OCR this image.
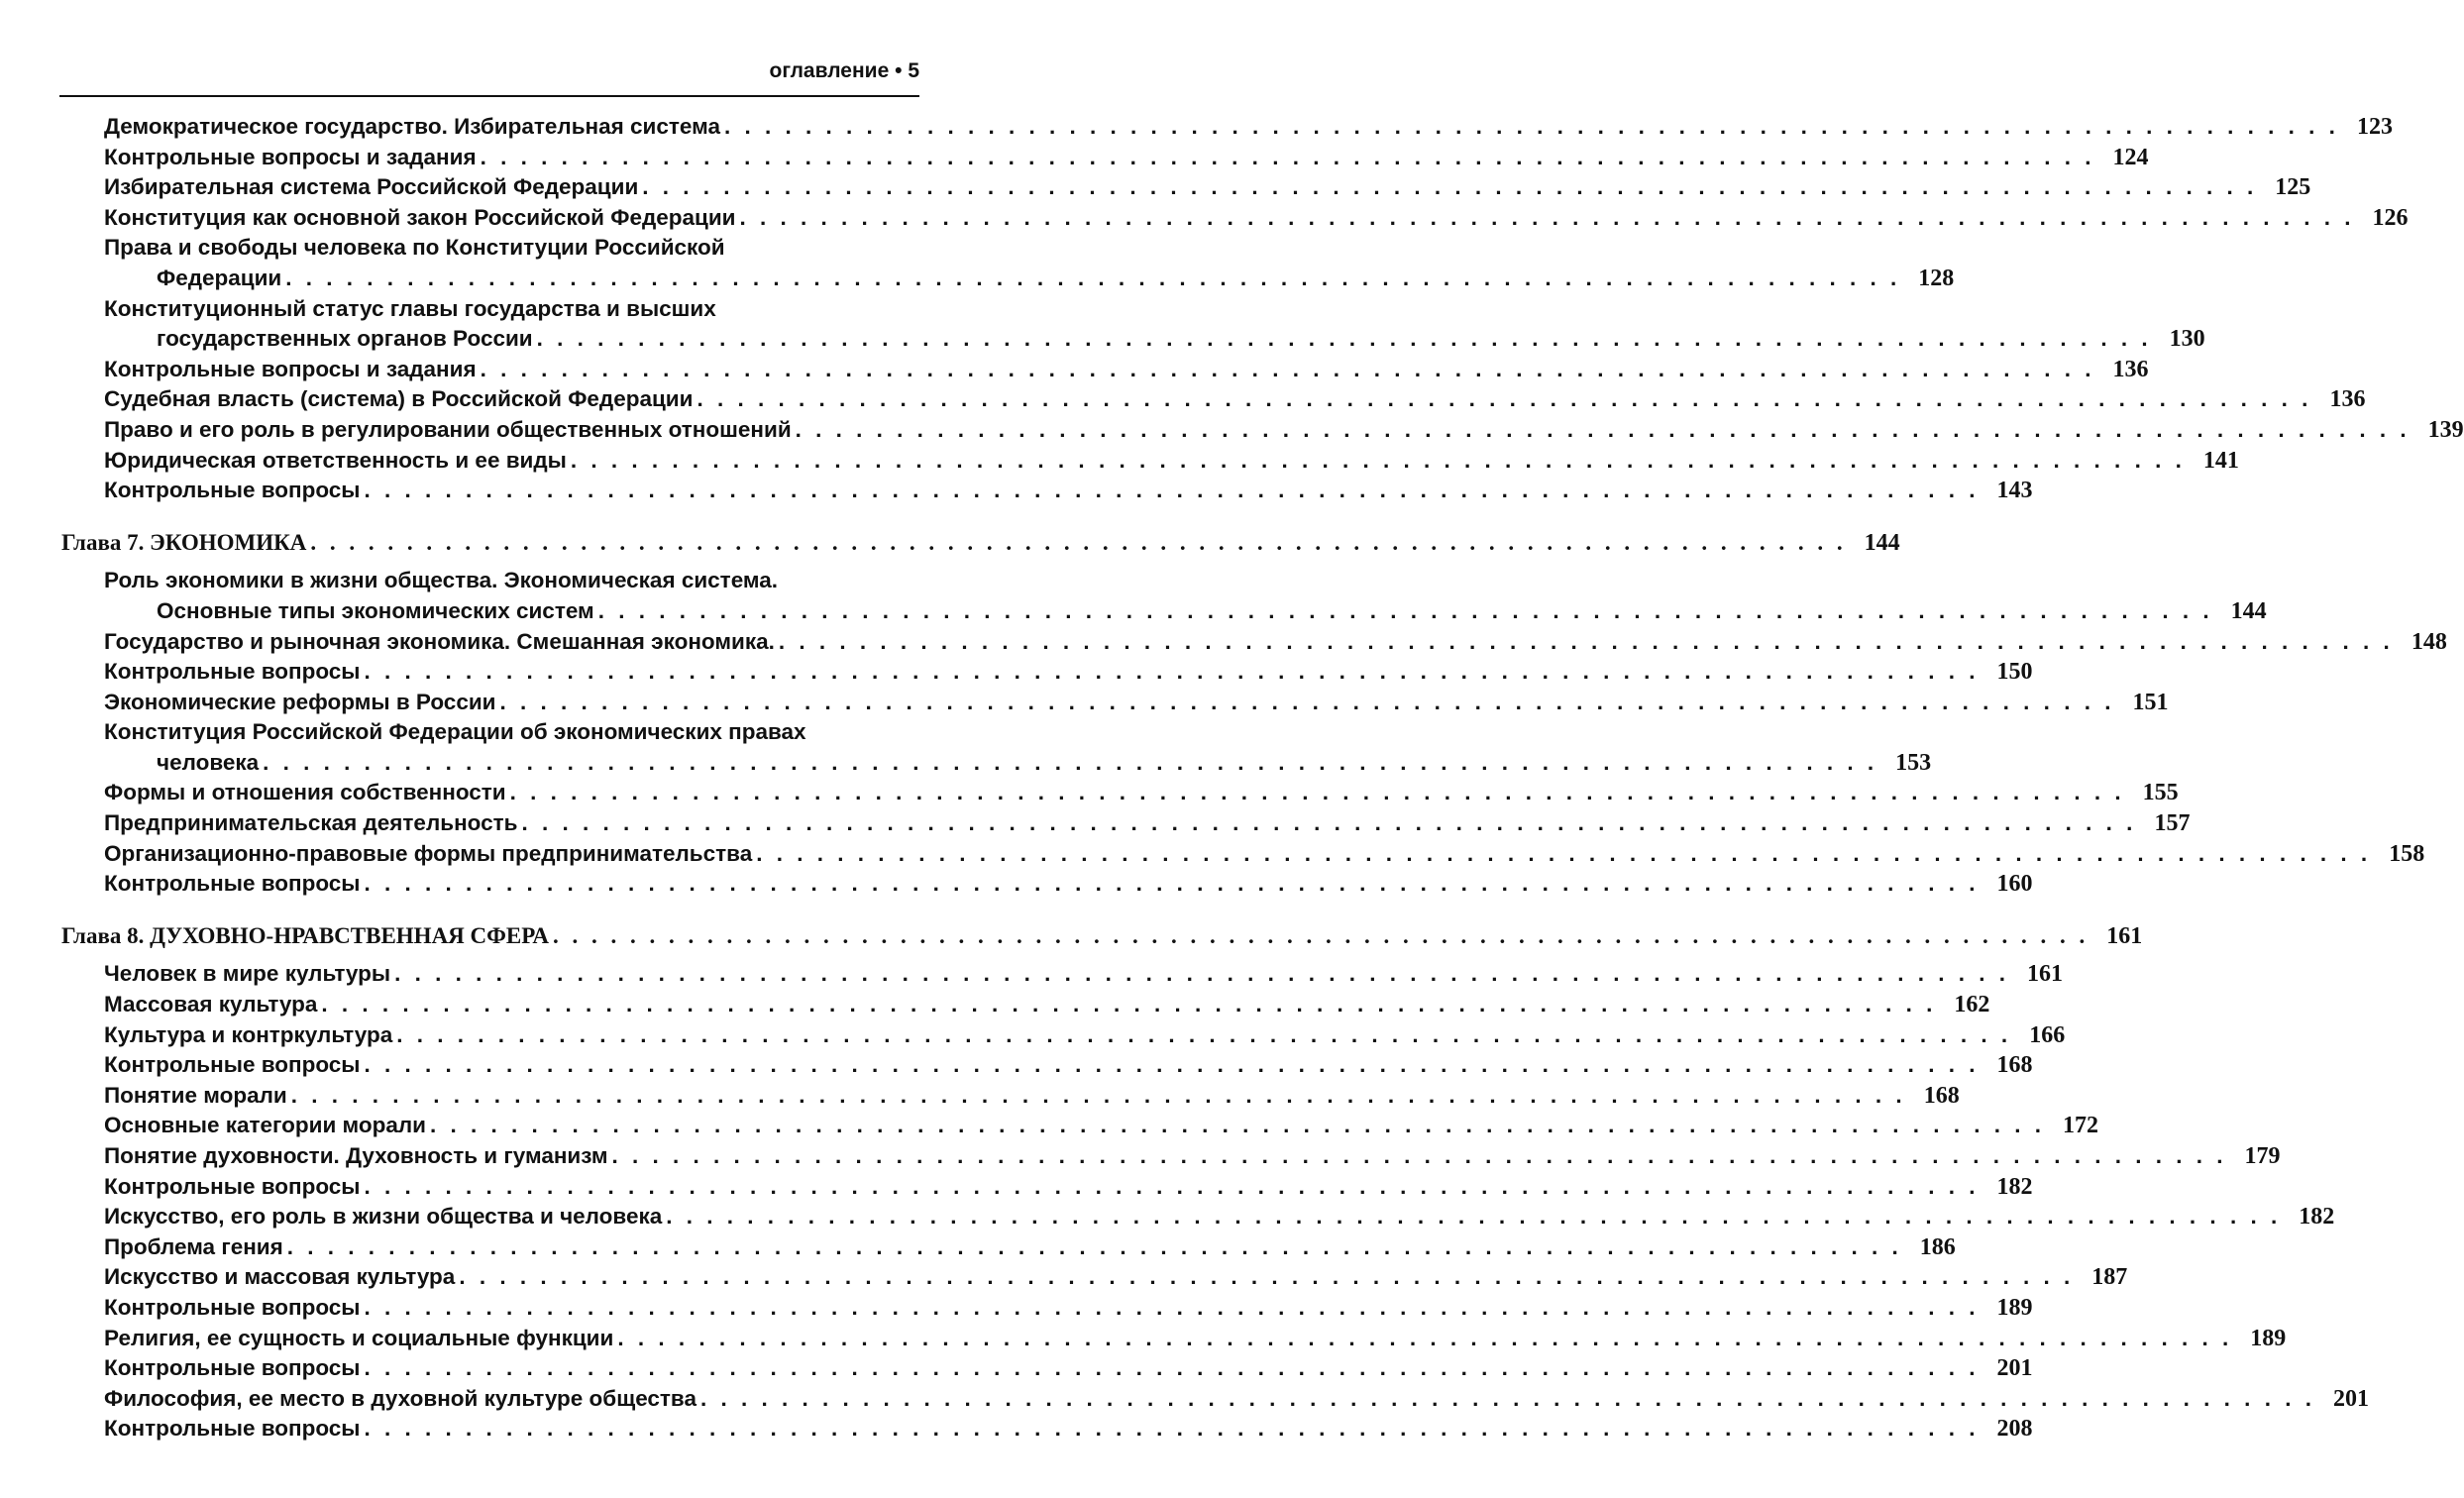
оглавление • 5
Демократическое государство. Избирательная система . . . . . . . . . . . . . . . . . . . . . . . . . . . . . . . . . . . . . . . . . . . . . . . . . . . . . . . . . . . . . . . . . . . . . . . . . . . . . . . . 123
Контрольные вопросы и задания . . . . . . . . . . . . . . . . . . . . . . . . . . . . . . . . . . . . . . . . . . . . . . . . . . . . . . . . . . . . . . . . . . . . . . . . . . . . . . . . 124
Избирательная система Российской Федерации . . . . . . . . . . . . . . . . . . . . . . . . . . . . . . . . . . . . . . . . . . . . . . . . . . . . . . . . . . . . . . . . . . . . . . . . . . . . . . . . 125
Конституция как основной закон Российской Федерации . . . . . . . . . . . . . . . . . . . . . . . . . . . . . . . . . . . . . . . . . . . . . . . . . . . . . . . . . . . . . . . . . . . . . . . . . . . . . . . . 126
Права и свободы человека по Конституции Российской
Федерации . . . . . . . . . . . . . . . . . . . . . . . . . . . . . . . . . . . . . . . . . . . . . . . . . . . . . . . . . . . . . . . . . . . . . . . . . . . . . . . . 128
Конституционный статус главы государства и высших
государственных органов России . . . . . . . . . . . . . . . . . . . . . . . . . . . . . . . . . . . . . . . . . . . . . . . . . . . . . . . . . . . . . . . . . . . . . . . . . . . . . . . . 130
Контрольные вопросы и задания . . . . . . . . . . . . . . . . . . . . . . . . . . . . . . . . . . . . . . . . . . . . . . . . . . . . . . . . . . . . . . . . . . . . . . . . . . . . . . . . 136
Судебная власть (система) в Российской Федерации . . . . . . . . . . . . . . . . . . . . . . . . . . . . . . . . . . . . . . . . . . . . . . . . . . . . . . . . . . . . . . . . . . . . . . . . . . . . . . . . 136
Право и его роль в регулировании общественных отношений . . . . . . . . . . . . . . . . . . . . . . . . . . . . . . . . . . . . . . . . . . . . . . . . . . . . . . . . . . . . . . . . . . . . . . . . . . . . . . . . 139
Юридическая ответственность и ее виды . . . . . . . . . . . . . . . . . . . . . . . . . . . . . . . . . . . . . . . . . . . . . . . . . . . . . . . . . . . . . . . . . . . . . . . . . . . . . . . . 141
Контрольные вопросы . . . . . . . . . . . . . . . . . . . . . . . . . . . . . . . . . . . . . . . . . . . . . . . . . . . . . . . . . . . . . . . . . . . . . . . . . . . . . . . . 143
Глава 7. ЭКОНОМИКА . . . . . . . . . . . . . . . . . . . . . . . . . . . . . . . . . . . . . . . . . . . . . . . . . . . . . . . . . . . . . . . . . . . . . . . . . . . . . . . . 144
Роль экономики в жизни общества. Экономическая система.
Основные типы экономических систем . . . . . . . . . . . . . . . . . . . . . . . . . . . . . . . . . . . . . . . . . . . . . . . . . . . . . . . . . . . . . . . . . . . . . . . . . . . . . . . . 144
Государство и рыночная экономика. Смешанная экономика. . . . . . . . . . . . . . . . . . . . . . . . . . . . . . . . . . . . . . . . . . . . . . . . . . . . . . . . . . . . . . . . . . . . . . . . . . . . . . . . . 148
Контрольные вопросы . . . . . . . . . . . . . . . . . . . . . . . . . . . . . . . . . . . . . . . . . . . . . . . . . . . . . . . . . . . . . . . . . . . . . . . . . . . . . . . . 150
Экономические реформы в России . . . . . . . . . . . . . . . . . . . . . . . . . . . . . . . . . . . . . . . . . . . . . . . . . . . . . . . . . . . . . . . . . . . . . . . . . . . . . . . . 151
Конституция Российской Федерации об экономических правах
человека . . . . . . . . . . . . . . . . . . . . . . . . . . . . . . . . . . . . . . . . . . . . . . . . . . . . . . . . . . . . . . . . . . . . . . . . . . . . . . . . 153
Формы и отношения собственности . . . . . . . . . . . . . . . . . . . . . . . . . . . . . . . . . . . . . . . . . . . . . . . . . . . . . . . . . . . . . . . . . . . . . . . . . . . . . . . . 155
Предпринимательская деятельность . . . . . . . . . . . . . . . . . . . . . . . . . . . . . . . . . . . . . . . . . . . . . . . . . . . . . . . . . . . . . . . . . . . . . . . . . . . . . . . . 157
Организационно-правовые формы предпринимательства . . . . . . . . . . . . . . . . . . . . . . . . . . . . . . . . . . . . . . . . . . . . . . . . . . . . . . . . . . . . . . . . . . . . . . . . . . . . . . . . 158
Контрольные вопросы . . . . . . . . . . . . . . . . . . . . . . . . . . . . . . . . . . . . . . . . . . . . . . . . . . . . . . . . . . . . . . . . . . . . . . . . . . . . . . . . 160
Глава 8. ДУХОВНО-НРАВСТВЕННАЯ СФЕРА . . . . . . . . . . . . . . . . . . . . . . . . . . . . . . . . . . . . . . . . . . . . . . . . . . . . . . . . . . . . . . . . . . . . . . . . . . . . . . . . 161
Человек в мире культуры . . . . . . . . . . . . . . . . . . . . . . . . . . . . . . . . . . . . . . . . . . . . . . . . . . . . . . . . . . . . . . . . . . . . . . . . . . . . . . . . 161
Массовая культура . . . . . . . . . . . . . . . . . . . . . . . . . . . . . . . . . . . . . . . . . . . . . . . . . . . . . . . . . . . . . . . . . . . . . . . . . . . . . . . . 162
Культура и контркультура . . . . . . . . . . . . . . . . . . . . . . . . . . . . . . . . . . . . . . . . . . . . . . . . . . . . . . . . . . . . . . . . . . . . . . . . . . . . . . . . 166
Контрольные вопросы . . . . . . . . . . . . . . . . . . . . . . . . . . . . . . . . . . . . . . . . . . . . . . . . . . . . . . . . . . . . . . . . . . . . . . . . . . . . . . . . 168
Понятие морали . . . . . . . . . . . . . . . . . . . . . . . . . . . . . . . . . . . . . . . . . . . . . . . . . . . . . . . . . . . . . . . . . . . . . . . . . . . . . . . . 168
Основные категории морали . . . . . . . . . . . . . . . . . . . . . . . . . . . . . . . . . . . . . . . . . . . . . . . . . . . . . . . . . . . . . . . . . . . . . . . . . . . . . . . . 172
Понятие духовности. Духовность и гуманизм . . . . . . . . . . . . . . . . . . . . . . . . . . . . . . . . . . . . . . . . . . . . . . . . . . . . . . . . . . . . . . . . . . . . . . . . . . . . . . . . 179
Контрольные вопросы . . . . . . . . . . . . . . . . . . . . . . . . . . . . . . . . . . . . . . . . . . . . . . . . . . . . . . . . . . . . . . . . . . . . . . . . . . . . . . . . 182
Искусство, его роль в жизни общества и человека . . . . . . . . . . . . . . . . . . . . . . . . . . . . . . . . . . . . . . . . . . . . . . . . . . . . . . . . . . . . . . . . . . . . . . . . . . . . . . . . 182
Проблема гения . . . . . . . . . . . . . . . . . . . . . . . . . . . . . . . . . . . . . . . . . . . . . . . . . . . . . . . . . . . . . . . . . . . . . . . . . . . . . . . . 186
Искусство и массовая культура . . . . . . . . . . . . . . . . . . . . . . . . . . . . . . . . . . . . . . . . . . . . . . . . . . . . . . . . . . . . . . . . . . . . . . . . . . . . . . . . 187
Контрольные вопросы . . . . . . . . . . . . . . . . . . . . . . . . . . . . . . . . . . . . . . . . . . . . . . . . . . . . . . . . . . . . . . . . . . . . . . . . . . . . . . . . 189
Религия, ее сущность и социальные функции . . . . . . . . . . . . . . . . . . . . . . . . . . . . . . . . . . . . . . . . . . . . . . . . . . . . . . . . . . . . . . . . . . . . . . . . . . . . . . . . 189
Контрольные вопросы . . . . . . . . . . . . . . . . . . . . . . . . . . . . . . . . . . . . . . . . . . . . . . . . . . . . . . . . . . . . . . . . . . . . . . . . . . . . . . . . 201
Философия, ее место в духовной культуре общества . . . . . . . . . . . . . . . . . . . . . . . . . . . . . . . . . . . . . . . . . . . . . . . . . . . . . . . . . . . . . . . . . . . . . . . . . . . . . . . . 201
Контрольные вопросы . . . . . . . . . . . . . . . . . . . . . . . . . . . . . . . . . . . . . . . . . . . . . . . . . . . . . . . . . . . . . . . . . . . . . . . . . . . . . . . . 208
